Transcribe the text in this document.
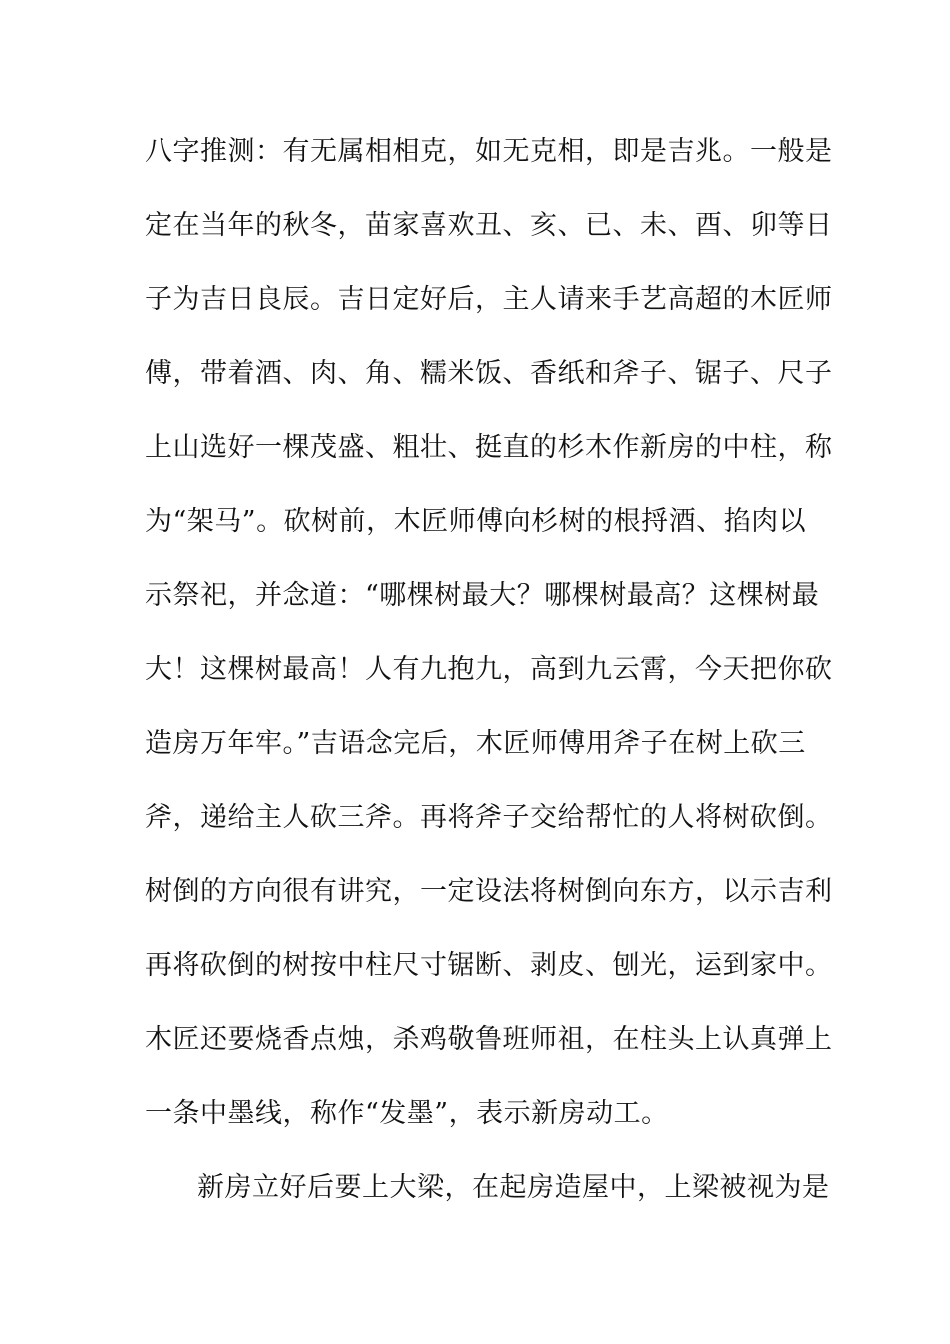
八字推测：有无属相相克，如无克相，即是吉兆。一般是
定在当年的秋冬，苗家喜欢丑、亥、已、未、酉、卯等日
子为吉日良辰。吉日定好后，主人请来手艺高超的木匠师
傅，带着酒、肉、角、糯米饭、香纸和斧子、锯子、尺子
上山选好一棵茂盛、粗壮、挺直的杉木作新房的中柱，称
为“架马”。砍树前，木匠师傅向杉树的根捋酒、掐肉以
示祭祀，并念道：“哪棵树最大？哪棵树最高？这棵树最
大！这棵树最高！人有九抱九，高到九云霄，今天把你砍
造房万年牢。”吉语念完后，木匠师傅用斧子在树上砍三
斧，递给主人砍三斧。再将斧子交给帮忙的人将树砍倒。
树倒的方向很有讲究，一定设法将树倒向东方，以示吉利
再将砍倒的树按中柱尺寸锯断、剥皮、刨光，运到家中。
木匠还要烧香点烛，杀鸡敬鲁班师祖，在柱头上认真弹上
一条中墨线，称作“发墨”，表示新房动工。
新房立好后要上大梁，在起房造屋中，上梁被视为是
